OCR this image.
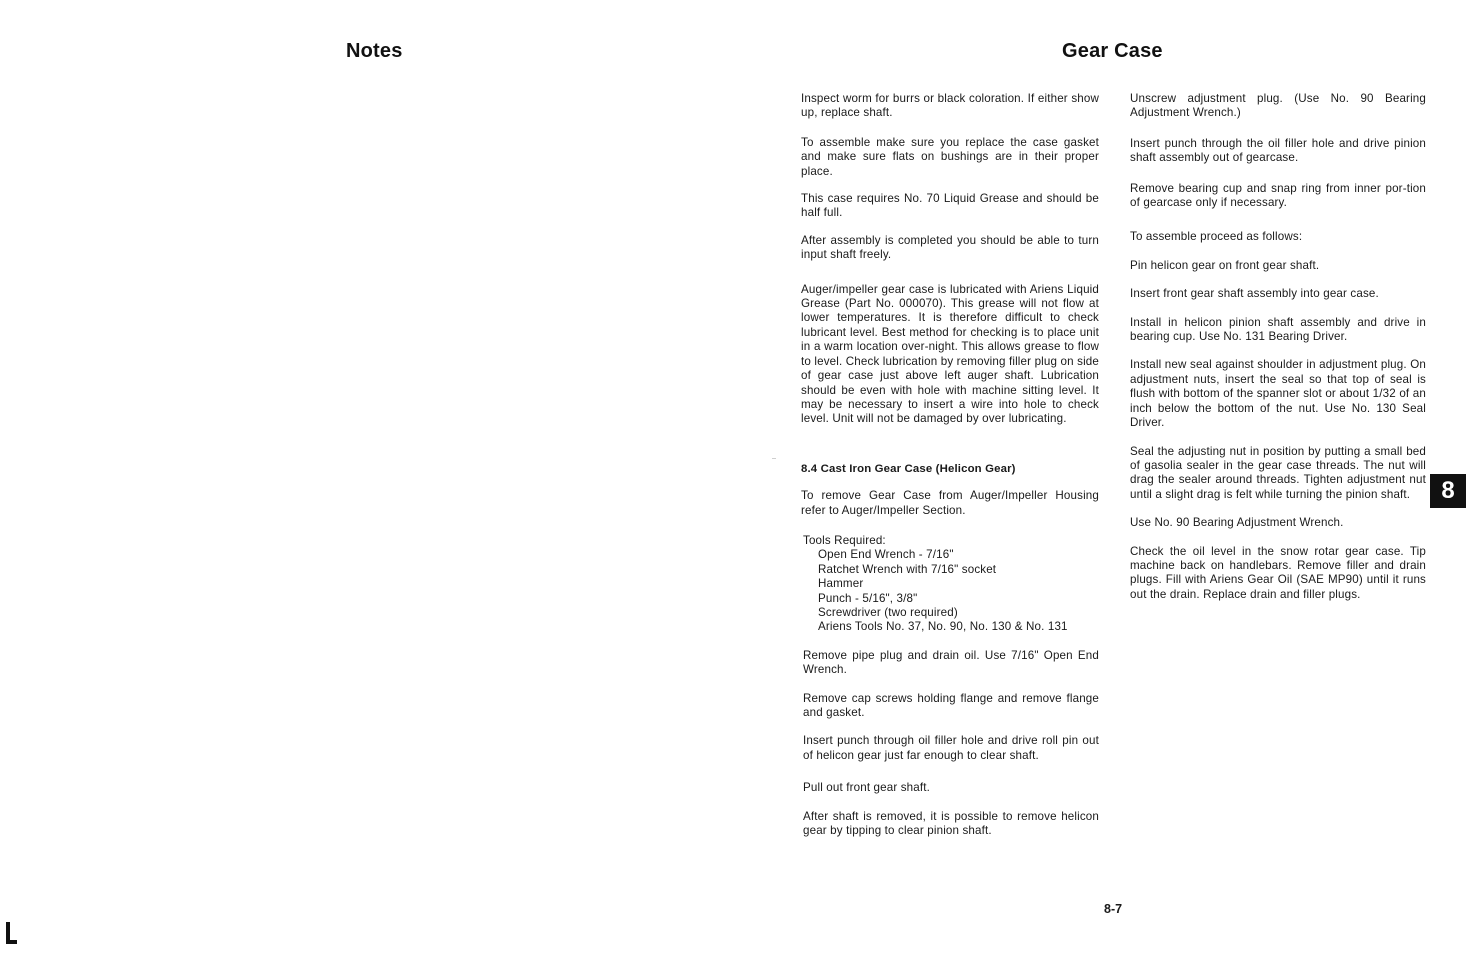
Notes	Gear Case

Inspect worm for burrs or black coloration. If either show up, replace shaft.

To assemble make sure you replace the case gasket and make sure flats on bushings are in their proper place.

This case requires No. 70 Liquid Grease and should be half full.

After assembly is completed you should be able to turn input shaft freely.

Auger/impeller gear case is lubricated with Ariens Liquid Grease (Part No. 000070). This grease will not flow at lower temperatures. It is therefore difficult to check lubricant level. Best method for checking is to place unit in a warm location over-night. This allows grease to flow to level. Check lubrication by removing filler plug on side of gear case just above left auger shaft. Lubrication should be even with hole with machine sitting level. It may be necessary to insert a wire into hole to check level. Unit will not be damaged by over lubricating.

8.4 Cast Iron Gear Case (Helicon Gear)

To remove Gear Case from Auger/Impeller Housing refer to Auger/Impeller Section.

Tools Required:

Open End Wrench - 7/16"
Ratchet Wrench with 7/16" socket
Hammer
Punch - 5/16", 3/8"
Screwdriver (two required)
Ariens Tools No. 37, No. 90, No. 130 & No. 131

Remove pipe plug and drain oil. Use 7/16" Open End Wrench.

Remove cap screws holding flange and remove flange and gasket.

Insert punch through oil filler hole and drive roll pin out of helicon gear just far enough to clear shaft.

Pull out front gear shaft.

After shaft is removed, it is possible to remove helicon gear by tipping to clear pinion shaft.

Unscrew adjustment plug. (Use No. 90 Bearing Adjustment Wrench.)

Insert punch through the oil filler hole and drive pinion shaft assembly out of gearcase.

Remove bearing cup and snap ring from inner por-tion of gearcase only if necessary.

To assemble proceed as follows:

Pin helicon gear on front gear shaft.

Insert front gear shaft assembly into gear case.

Install in helicon pinion shaft assembly and drive in bearing cup. Use No. 131 Bearing Driver.

Install new seal against shoulder in adjustment plug. On adjustment nuts, insert the seal so that top of seal is flush with bottom of the spanner slot or about 1/32 of an inch below the bottom of the nut. Use No. 130 Seal Driver.

Seal the adjusting nut in position by putting a small bed of gasolia sealer in the gear case threads. The nut will drag the sealer around threads. Tighten adjustment nut until a slight drag is felt while turning the pinion shaft.

Use No. 90 Bearing Adjustment Wrench.

Check the oil level in the snow rotar gear case. Tip machine back on handlebars. Remove filler and drain plugs. Fill with Ariens Gear Oil (SAE MP90) until it runs out the drain. Replace drain and filler plugs.

8

8-7
